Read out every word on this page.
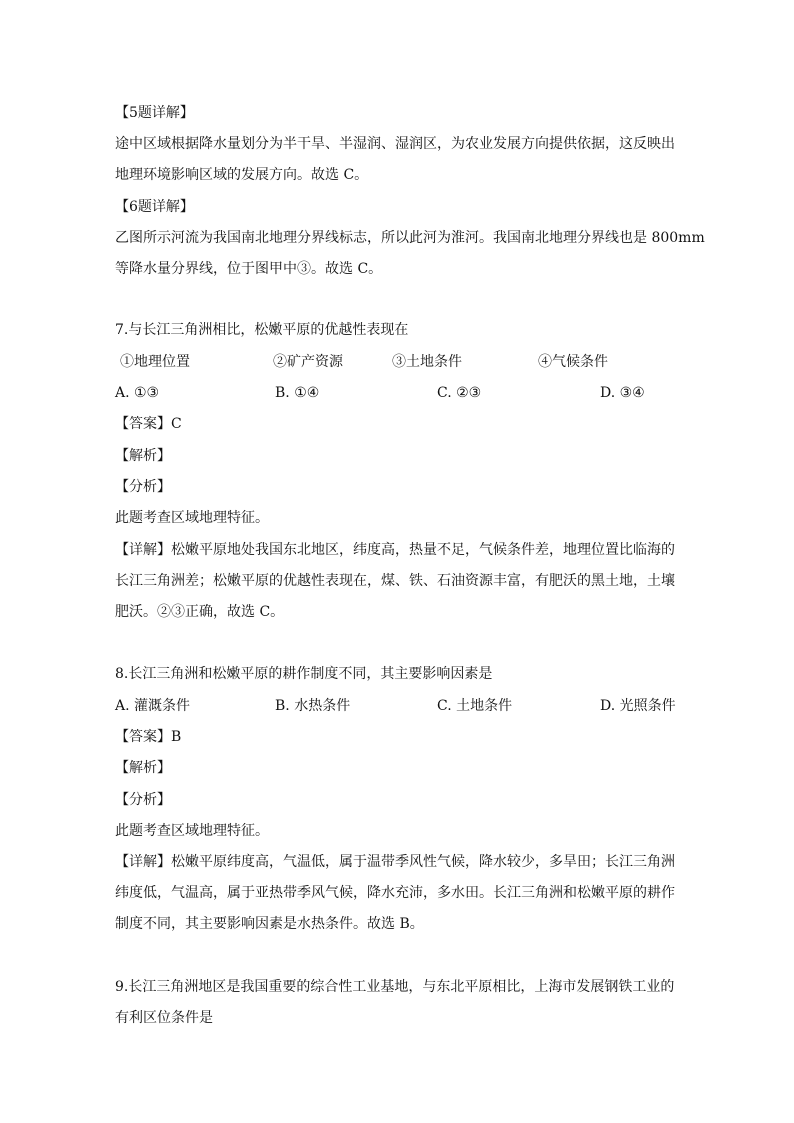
【5题详解】
途中区域根据降水量划分为半干旱、半湿润、湿润区，为农业发展方向提供依据，这反映出
地理环境影响区域的发展方向。故选 C。
【6题详解】
乙图所示河流为我国南北地理分界线标志，所以此河为淮河。我国南北地理分界线也是 800mm
等降水量分界线，位于图甲中③。故选 C。
7.与长江三角洲相比，松嫩平原的优越性表现在
①地理位置	②矿产资源	③土地条件	④气候条件
A. ①③	B. ①④	C. ②③	D. ③④
【答案】C
【解析】
【分析】
此题考查区域地理特征。
【详解】松嫩平原地处我国东北地区，纬度高，热量不足，气候条件差，地理位置比临海的
长江三角洲差；松嫩平原的优越性表现在，煤、铁、石油资源丰富，有肥沃的黑土地，土壤
肥沃。②③正确，故选 C。
8.长江三角洲和松嫩平原的耕作制度不同，其主要影响因素是
A. 灌溉条件	B. 水热条件	C. 土地条件	D. 光照条件
【答案】B
【解析】
【分析】
此题考查区域地理特征。
【详解】松嫩平原纬度高，气温低，属于温带季风性气候，降水较少，多旱田；长江三角洲
纬度低，气温高，属于亚热带季风气候，降水充沛，多水田。长江三角洲和松嫩平原的耕作
制度不同，其主要影响因素是水热条件。故选 B。
9.长江三角洲地区是我国重要的综合性工业基地，与东北平原相比，上海市发展钢铁工业的
有利区位条件是
